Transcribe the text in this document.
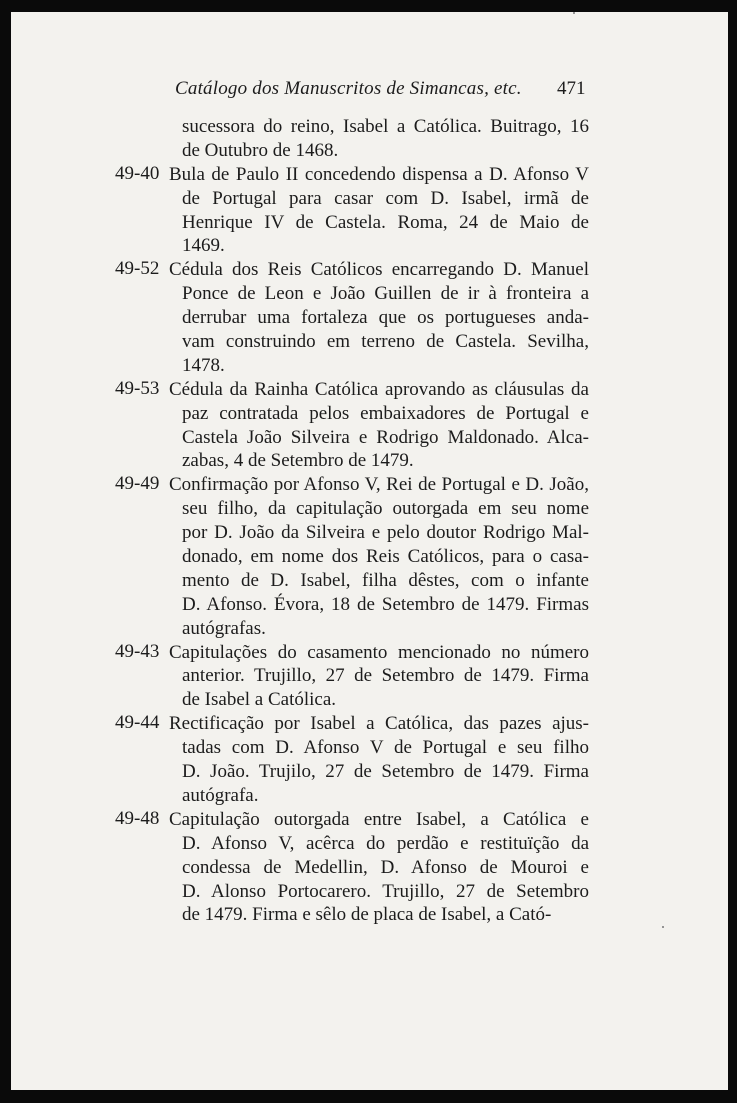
Catálogo dos Manuscritos de Simancas, etc. 471
sucessora do reino, Isabel a Católica. Buitrago, 16
de Outubro de 1468.
49-40 Bula de Paulo II concedendo dispensa a D. Afonso V
de Portugal para casar com D. Isabel, irmã de
Henrique IV de Castela. Roma, 24 de Maio de
1469.
49-52 Cédula dos Reis Católicos encarregando D. Manuel
Ponce de Leon e João Guillen de ir à fronteira a
derrubar uma fortaleza que os portugueses anda-
vam construindo em terreno de Castela. Sevilha,
1478.
49-53 Cédula da Rainha Católica aprovando as cláusulas da
paz contratada pelos embaixadores de Portugal e
Castela João Silveira e Rodrigo Maldonado. Alca-
zabas, 4 de Setembro de 1479.
49-49 Confirmação por Afonso V, Rei de Portugal e D. João,
seu filho, da capitulação outorgada em seu nome
por D. João da Silveira e pelo doutor Rodrigo Mal-
donado, em nome dos Reis Católicos, para o casa-
mento de D. Isabel, filha dêstes, com o infante
D. Afonso. Évora, 18 de Setembro de 1479. Firmas
autógrafas.
49-43 Capitulações do casamento mencionado no número
anterior. Trujillo, 27 de Setembro de 1479. Firma
de Isabel a Católica.
49-44 Rectificação por Isabel a Católica, das pazes ajus-
tadas com D. Afonso V de Portugal e seu filho
D. João. Trujilo, 27 de Setembro de 1479. Firma
autógrafa.
49-48 Capitulação outorgada entre Isabel, a Católica e
D. Afonso V, acêrca do perdão e restituïção da
condessa de Medellin, D. Afonso de Mouroi e
D. Alonso Portocarero. Trujillo, 27 de Setembro
de 1479. Firma e sêlo de placa de Isabel, a Cató-
